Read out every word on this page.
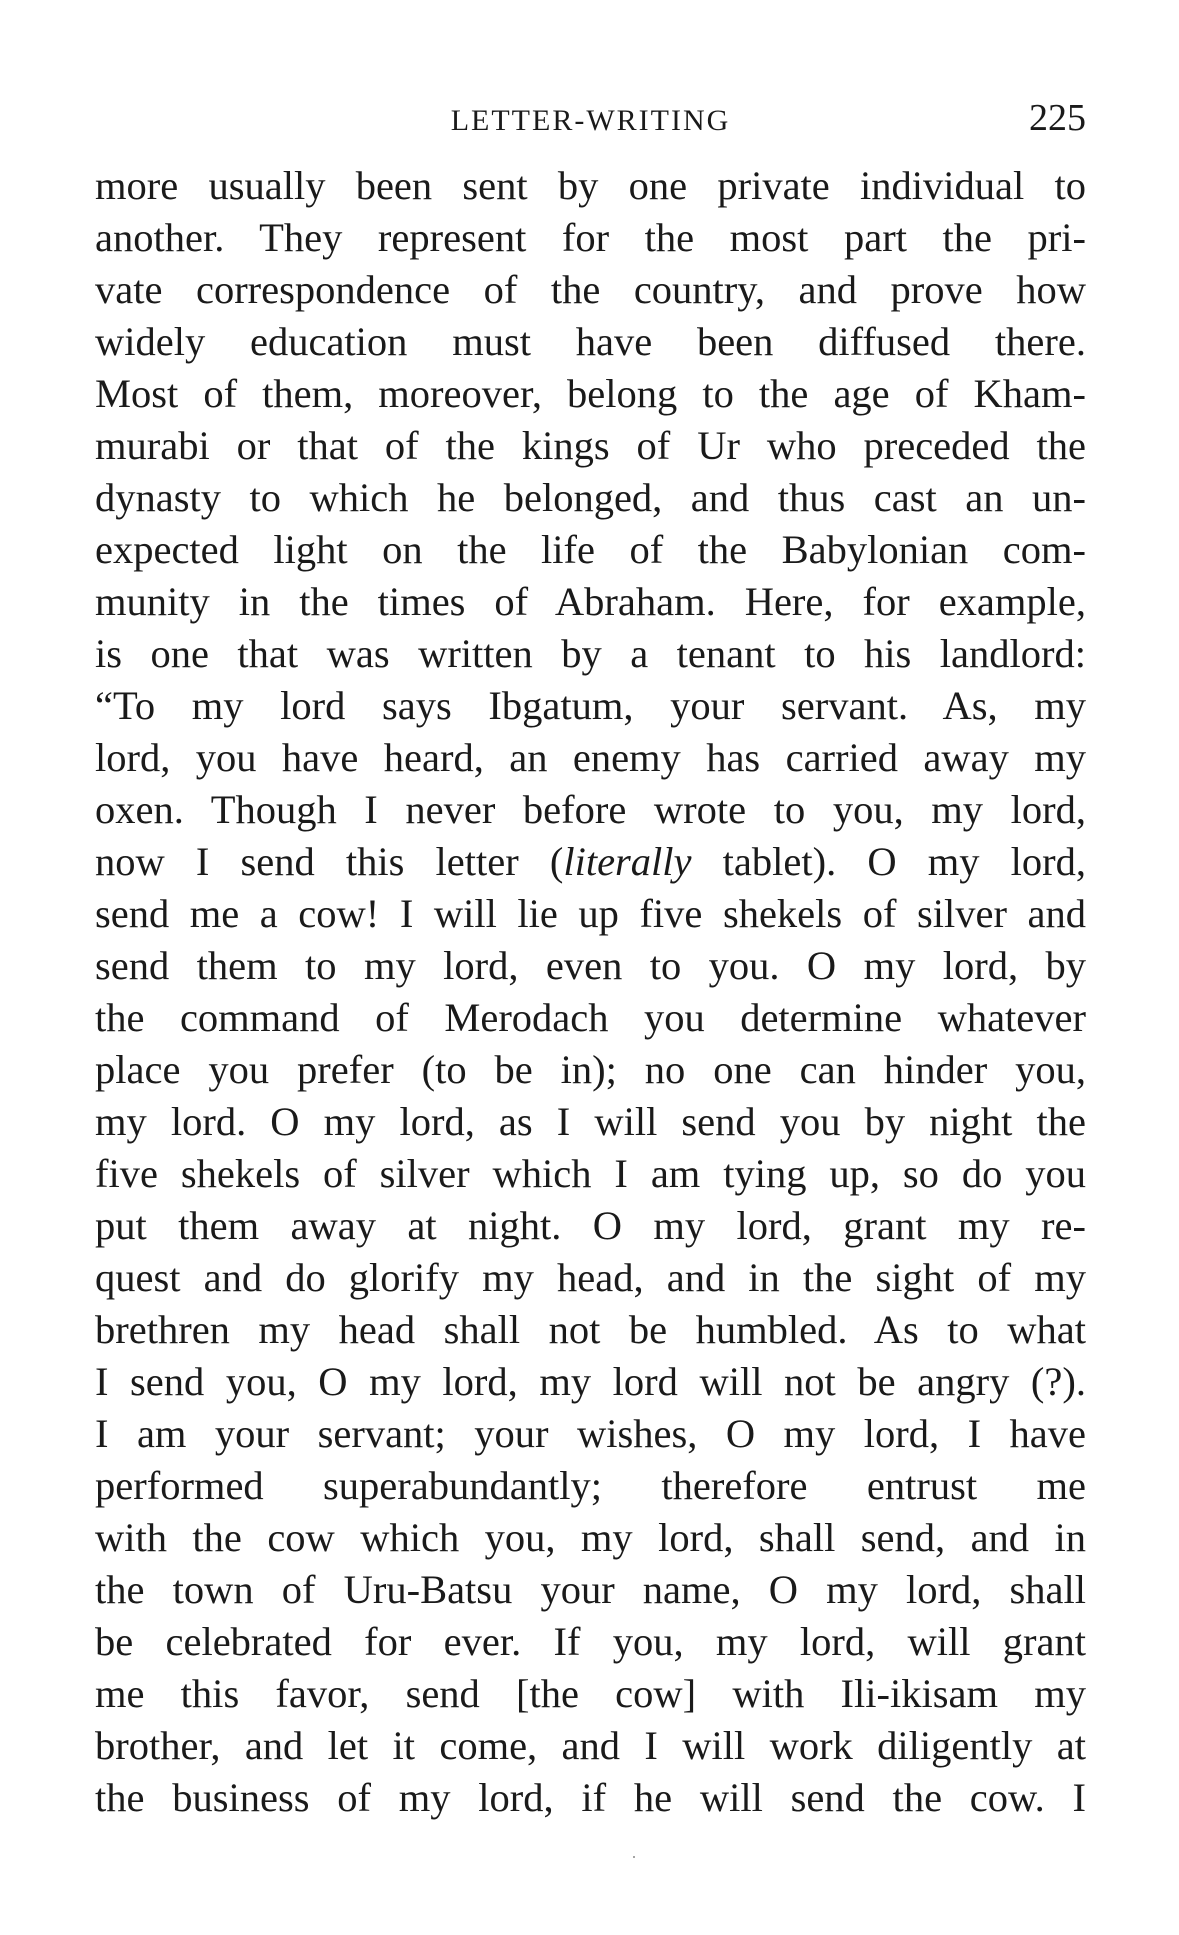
LETTER-WRITING	225
more usually been sent by one private individual to
another. They represent for the most part the pri-
vate correspondence of the country, and prove how
widely education must have been diffused there.
Most of them, moreover, belong to the age of Kham-
murabi or that of the kings of Ur who preceded the
dynasty to which he belonged, and thus cast an un-
expected light on the life of the Babylonian com-
munity in the times of Abraham. Here, for example,
is one that was written by a tenant to his landlord:
“To my lord says Ibgatum, your servant. As, my
lord, you have heard, an enemy has carried away my
oxen. Though I never before wrote to you, my lord,
now I send this letter (literally tablet). O my lord,
send me a cow! I will lie up five shekels of silver and
send them to my lord, even to you. O my lord, by
the command of Merodach you determine whatever
place you prefer (to be in); no one can hinder you,
my lord. O my lord, as I will send you by night the
five shekels of silver which I am tying up, so do you
put them away at night. O my lord, grant my re-
quest and do glorify my head, and in the sight of my
brethren my head shall not be humbled. As to what
I send you, O my lord, my lord will not be angry (?).
I am your servant; your wishes, O my lord, I have
performed superabundantly; therefore entrust me
with the cow which you, my lord, shall send, and in
the town of Uru-Batsu your name, O my lord, shall
be celebrated for ever. If you, my lord, will grant
me this favor, send [the cow] with Ili-ikisam my
brother, and let it come, and I will work diligently at
the business of my lord, if he will send the cow. I
